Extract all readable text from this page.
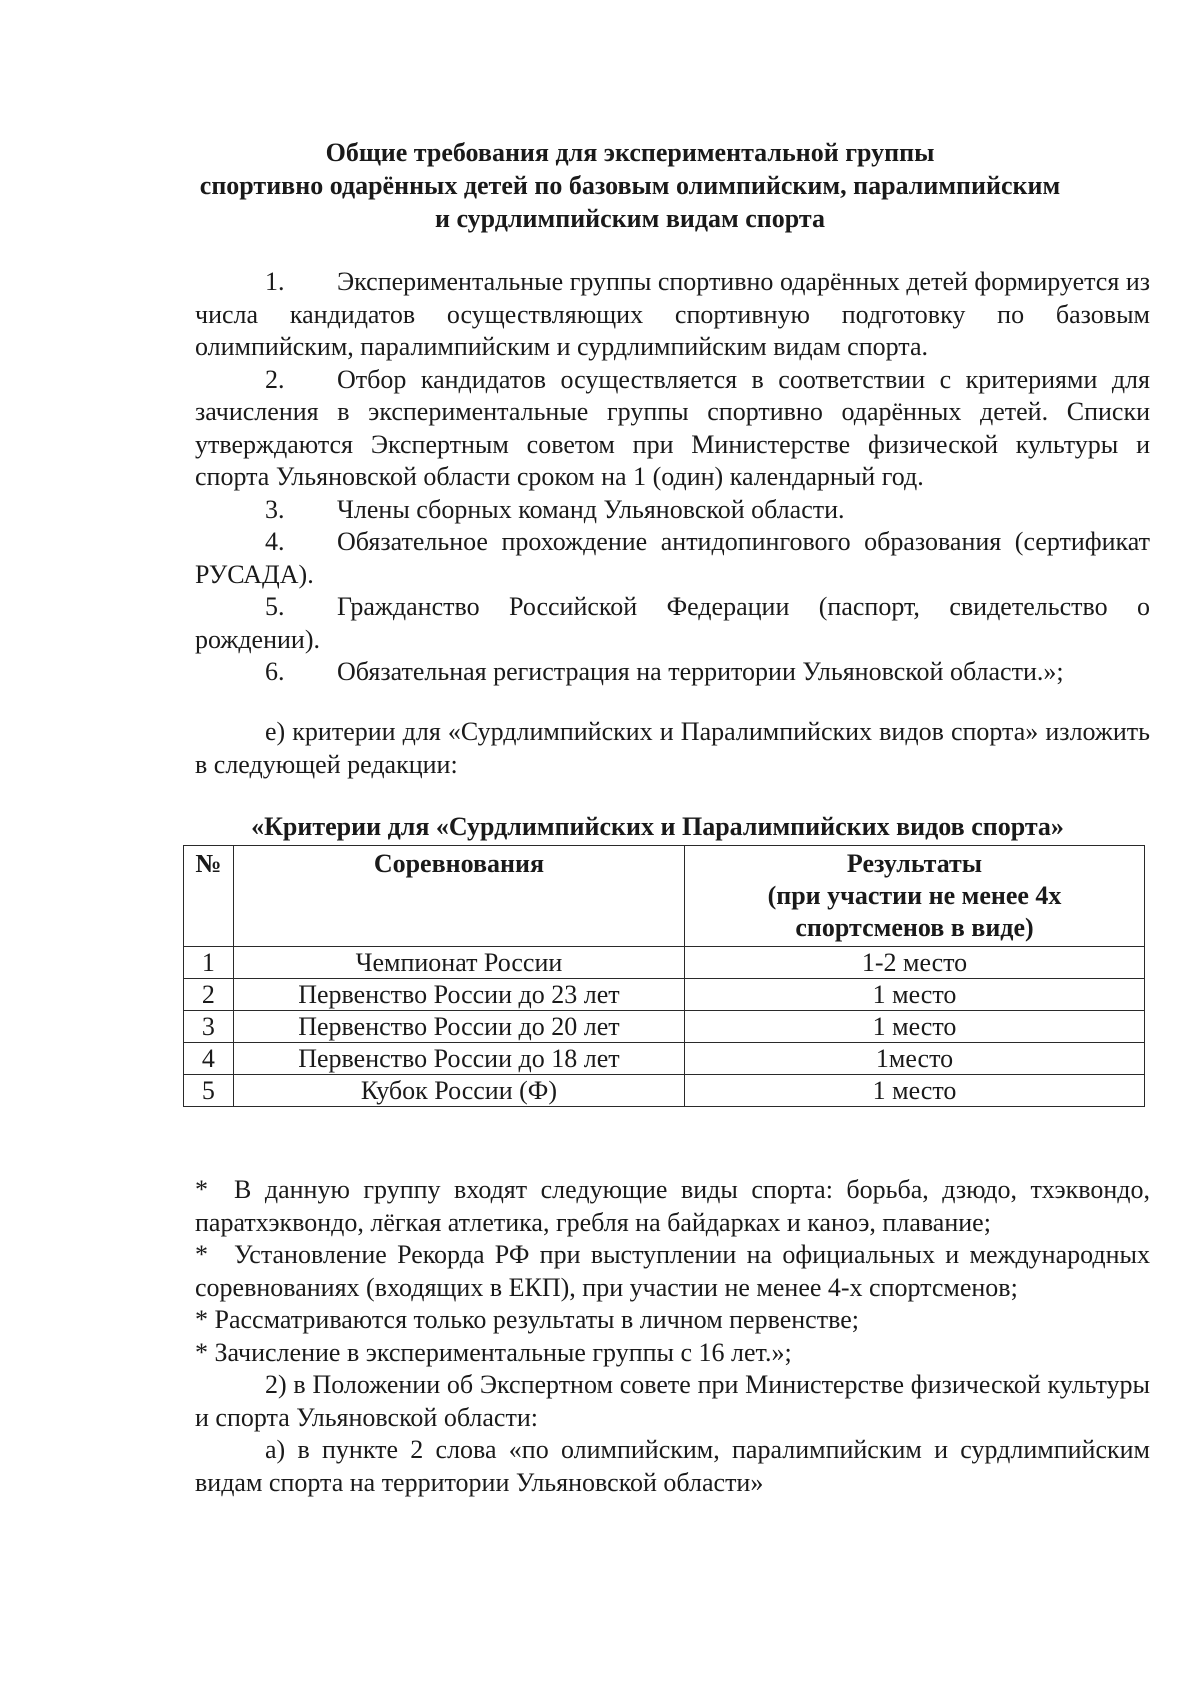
Общие требования для экспериментальной группы
спортивно одарённых детей по базовым олимпийским, паралимпийским
и сурдлимпийским видам спорта

1. Экспериментальные группы спортивно одарённых детей формируется из числа кандидатов осуществляющих спортивную подготовку по базовым олимпийским, паралимпийским и сурдлимпийским видам спорта.

2. Отбор кандидатов осуществляется в соответствии с критериями для зачисления в экспериментальные группы спортивно одарённых детей. Списки утверждаются Экспертным советом при Министерстве физической культуры и спорта Ульяновской области сроком на 1 (один) календарный год.

3. Члены сборных команд Ульяновской области.

4. Обязательное прохождение антидопингового образования (сертификат РУСАДА).

5. Гражданство Российской Федерации (паспорт, свидетельство о рождении).

6. Обязательная регистрация на территории Ульяновской области.»;

е) критерии для «Сурдлимпийских и Паралимпийских видов спорта» изложить в следующей редакции:

«Критерии для «Сурдлимпийских и Паралимпийских видов спорта»
№	Соревнования	Результаты
(при участии не менее 4х
спортсменов в виде)

1	Чемпионат России	1-2 место
2	Первенство России до 23 лет	1 место
3	Первенство России до 20 лет	1 место
4	Первенство России до 18 лет	1место
5	Кубок России (Ф)	1 место

* В данную группу входят следующие виды спорта: борьба, дзюдо, тхэквондо, паратхэквондо, лёгкая атлетика, гребля на байдарках и каноэ, плавание;

* Установление Рекорда РФ при выступлении на официальных и международных соревнованиях (входящих в ЕКП), при участии не менее 4-х спортсменов;

* Рассматриваются только результаты в личном первенстве;

* Зачисление в экспериментальные группы с 16 лет.»;

2) в Положении об Экспертном совете при Министерстве физической культуры и спорта Ульяновской области:

а) в пункте 2 слова «по олимпийским, паралимпийским и сурдлимпийским видам спорта на территории Ульяновской области»
